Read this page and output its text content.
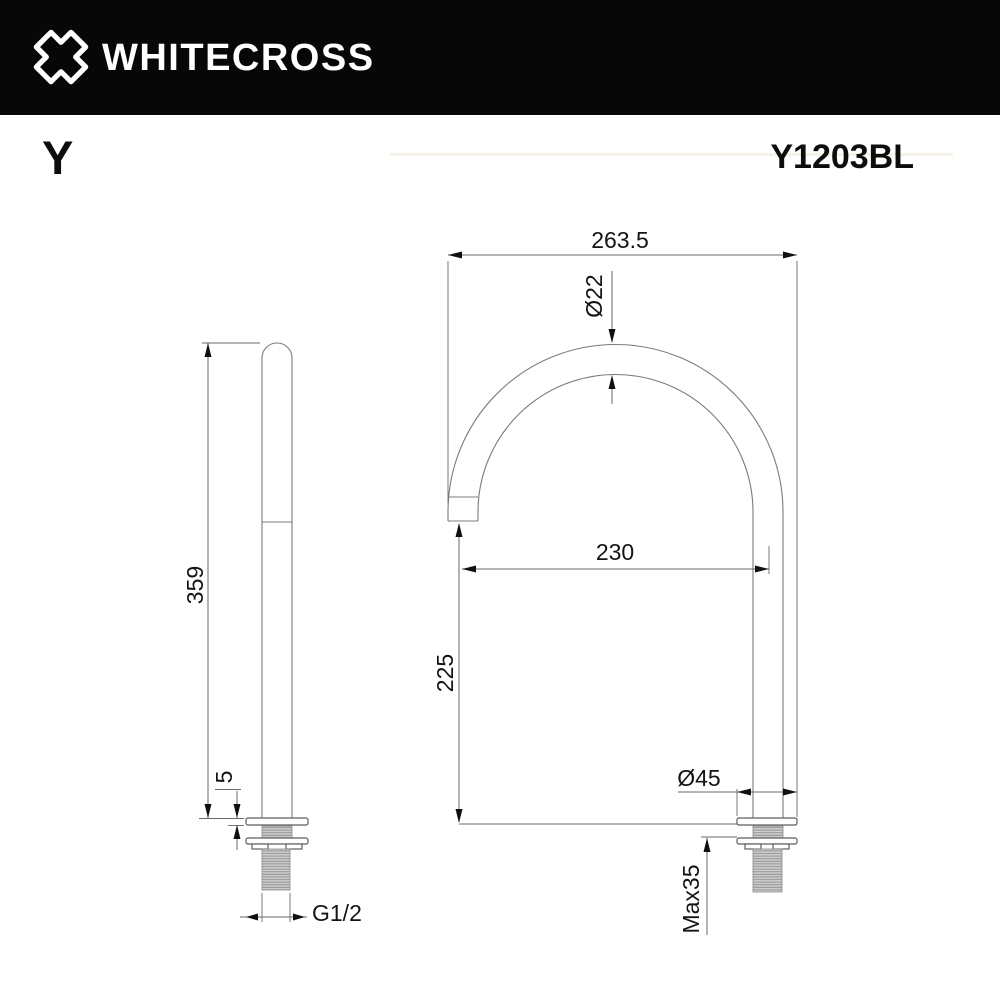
359
5
G1/2
263.5
Ø22
230
225
Ø45
Max35
WHITECROSS
Y	Y1203BL
